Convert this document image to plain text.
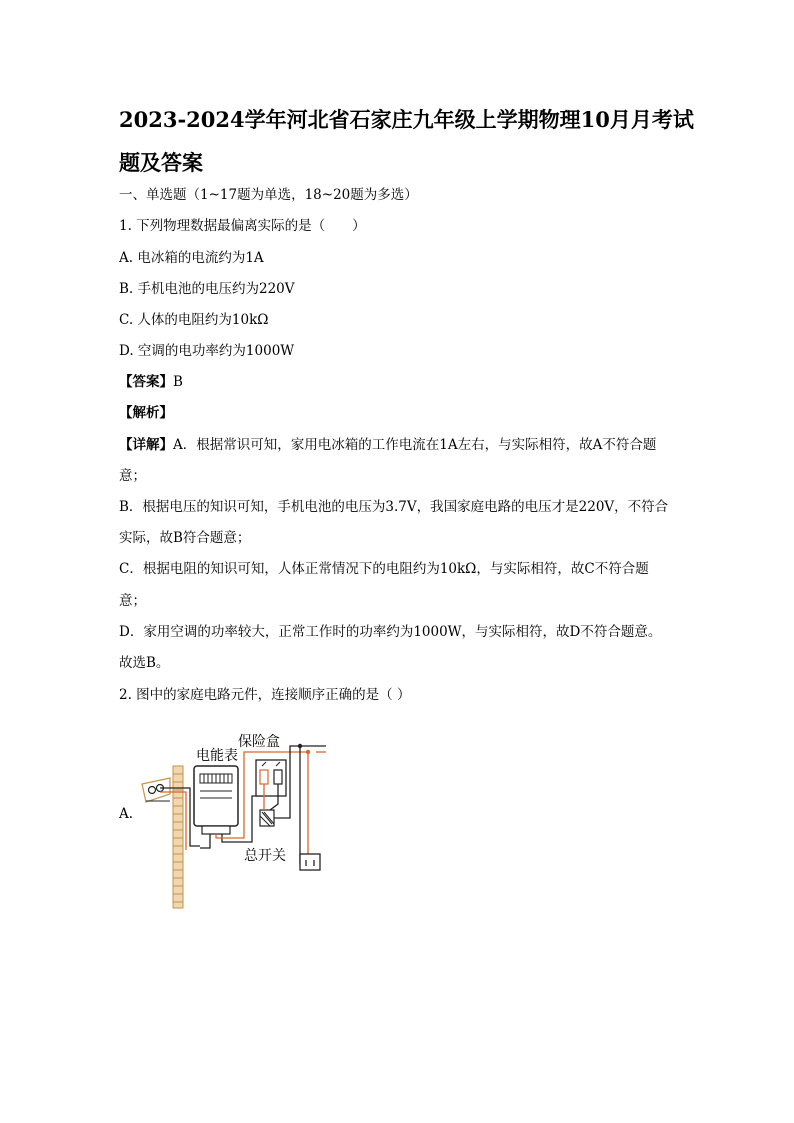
2023-2024学年河北省石家庄九年级上学期物理10月月考试题及答案
一、单选题（1~17题为单选，18~20题为多选）
1. 下列物理数据最偏离实际的是（　　）
A. 电冰箱的电流约为1A
B. 手机电池的电压约为220V
C. 人体的电阻约为10kΩ
D. 空调的电功率约为1000W
【答案】B
【解析】
【详解】A．根据常识可知，家用电冰箱的工作电流在1A左右，与实际相符，故A不符合题
意；
B．根据电压的知识可知，手机电池的电压为3.7V，我国家庭电路的电压才是220V，不符合
实际，故B符合题意；
C．根据电阻的知识可知，人体正常情况下的电阻约为10kΩ，与实际相符，故C不符合题
意；
D．家用空调的功率较大，正常工作时的功率约为1000W，与实际相符，故D不符合题意。
故选B。
2. 图中的家庭电路元件，连接顺序正确的是（ ）
A.
电能表
保险盒
总开关
